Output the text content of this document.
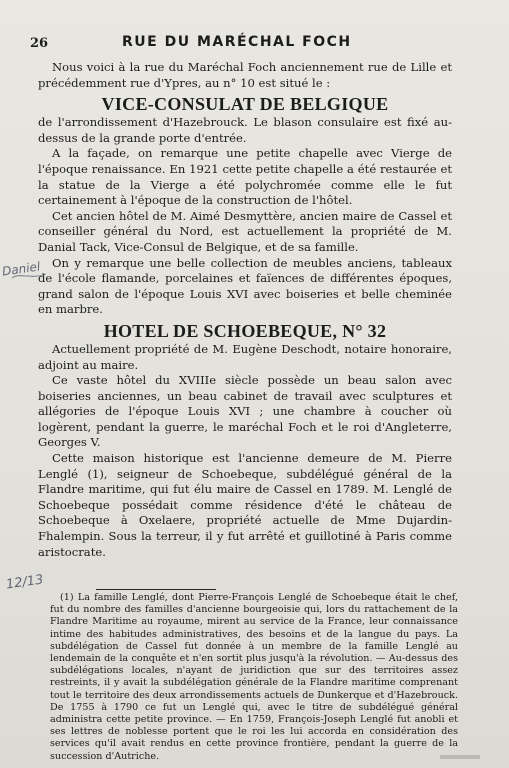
26	RUE DU MARÉCHAL FOCH

Nous voici à la rue du Maréchal Foch anciennement rue de Lille et précédemment rue d'Ypres, au n° 10 est situé le :

VICE-CONSULAT DE BELGIQUE

de l'arrondissement d'Hazebrouck. Le blason consulaire est fixé au-dessus de la grande porte d'entrée.

A la façade, on remarque une petite chapelle avec Vierge de l'époque renaissance. En 1921 cette petite chapelle a été restaurée et la statue de la Vierge a été polychromée comme elle le fut certainement à l'époque de la construction de l'hôtel.

Cet ancien hôtel de M. Aimé Desmyttère, ancien maire de Cassel et conseiller général du Nord, est actuellement la propriété de M. Danial Tack, Vice-Consul de Belgique, et de sa famille.

On y remarque une belle collection de meubles anciens, tableaux de l'école flamande, porcelaines et faïences de différentes époques, grand salon de l'époque Louis XVI avec boiseries et belle cheminée en marbre.

HOTEL DE SCHOEBEQUE, N° 32

Actuellement propriété de M. Eugène Deschodt, notaire honoraire, adjoint au maire.

Ce vaste hôtel du XVIIIe siècle possède un beau salon avec boiseries anciennes, un beau cabinet de travail avec sculptures et allégories de l'époque Louis XVI ; une chambre à coucher où logèrent, pendant la guerre, le maréchal Foch et le roi d'Angleterre, Georges V.

Cette maison historique est l'ancienne demeure de M. Pierre Lenglé (1), seigneur de Schoebeque, subdélégué général de la Flandre maritime, qui fut élu maire de Cassel en 1789. M. Lenglé de Schoebeque possédait comme résidence d'été le château de Schoebeque à Oxelaere, propriété actuelle de Mme Dujardin-Fhalempin. Sous la terreur, il y fut arrêté et guillotiné à Paris comme aristocrate.

(1) La famille Lenglé, dont Pierre-François Lenglé de Schoebeque était le chef, fut du nombre des familles d'ancienne bourgeoisie qui, lors du rattachement de la Flandre Maritime au royaume, mirent au service de la France, leur connaissance intime des habitudes administratives, des besoins et de la langue du pays. La subdélégation de Cassel fut donnée à un membre de la famille Lenglé au lendemain de la conquête et n'en sortit plus jusqu'à la révolution. — Au-dessus des subdélégations locales, n'ayant de juridiction que sur des territoires assez restreints, il y avait la subdélégation générale de la Flandre maritime comprenant tout le territoire des deux arrondissements actuels de Dunkerque et d'Hazebrouck. De 1755 à 1790 ce fut un Lenglé qui, avec le titre de subdélégué général administra cette petite province. — En 1759, François-Joseph Lenglé fut anobli et ses lettres de noblesse portent que le roi les lui accorda en considération des services qu'il avait rendus en cette province frontière, pendant la guerre de la succession d'Autriche.

Daniel
12/13
